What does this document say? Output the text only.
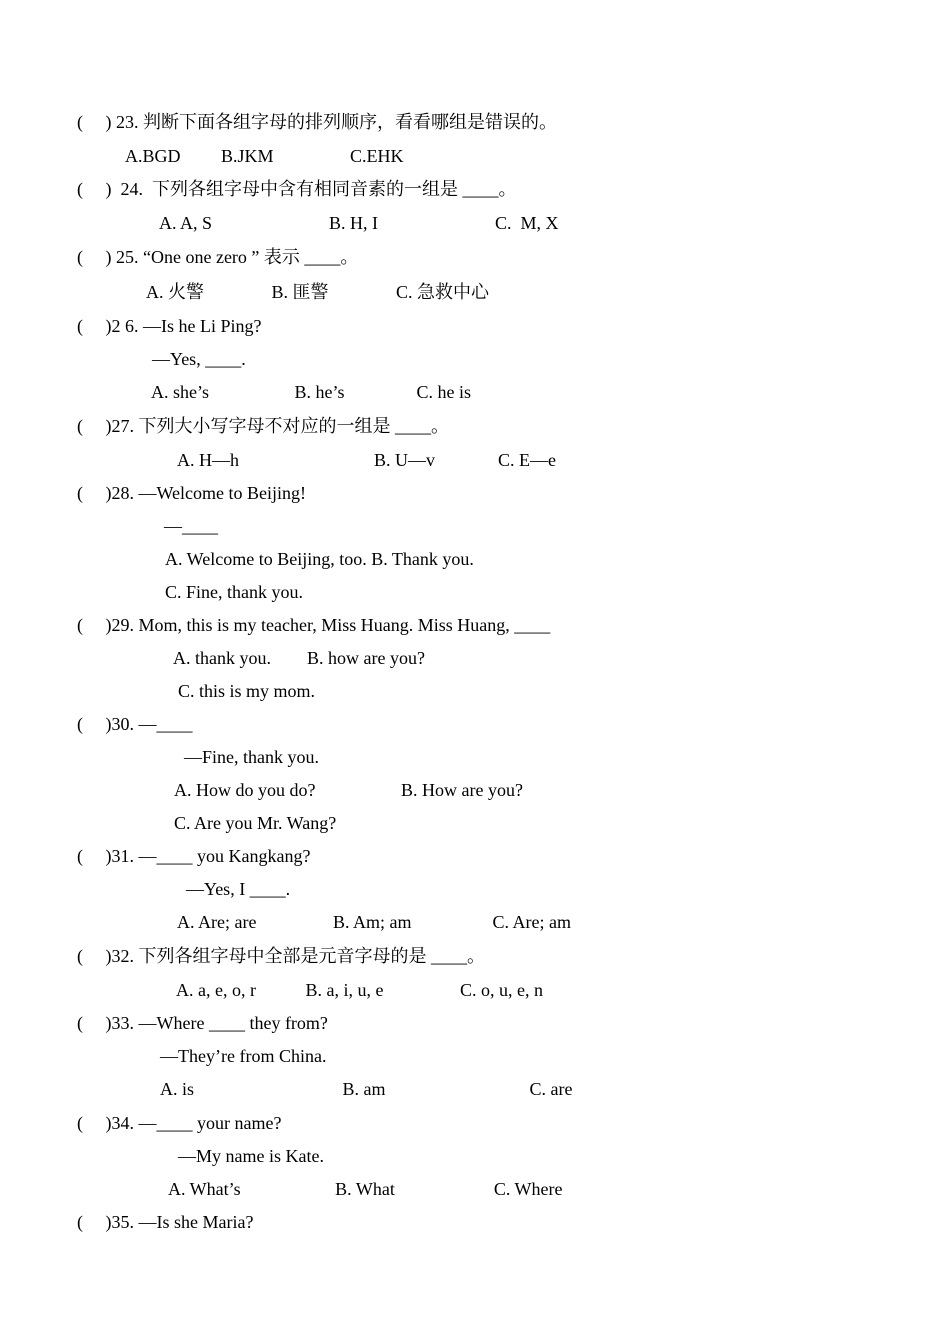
(     ) 23. 判断下面各组字母的排列顺序，看看哪组是错误的。
A.BGD         B.JKM                 C.EHK
(     )  24.  下列各组字母中含有相同音素的一组是 ____。
A. A, S                          B. H, I                          C.  M, X
(     ) 25. “One one zero ” 表示 ____。
A. 火警               B. 匪警               C. 急救中心
(     )2 6. —Is he Li Ping?
—Yes, ____.
A. she’s                   B. he’s                C. he is
(     )27. 下列大小写字母不对应的一组是 ____。
A. H—h                              B. U—v              C. E—e
(     )28. —Welcome to Beijing!
—____
A. Welcome to Beijing, too. B. Thank you.
C. Fine, thank you.
(     )29. Mom, this is my teacher, Miss Huang. Miss Huang, ____
A. thank you.        B. how are you?
C. this is my mom.
(     )30. —____
—Fine, thank you.
A. How do you do?                   B. How are you?
C. Are you Mr. Wang?
(     )31. —____ you Kangkang?
—Yes, I ____.
A. Are; are                 B. Am; am                  C. Are; am
(     )32. 下列各组字母中全部是元音字母的是 ____。
A. a, e, o, r           B. a, i, u, e                 C. o, u, e, n
(     )33. —Where ____ they from?
—They’re from China.
A. is                                 B. am                                C. are
(     )34. —____ your name?
—My name is Kate.
A. What’s                     B. What                      C. Where
(     )35. —Is she Maria?
